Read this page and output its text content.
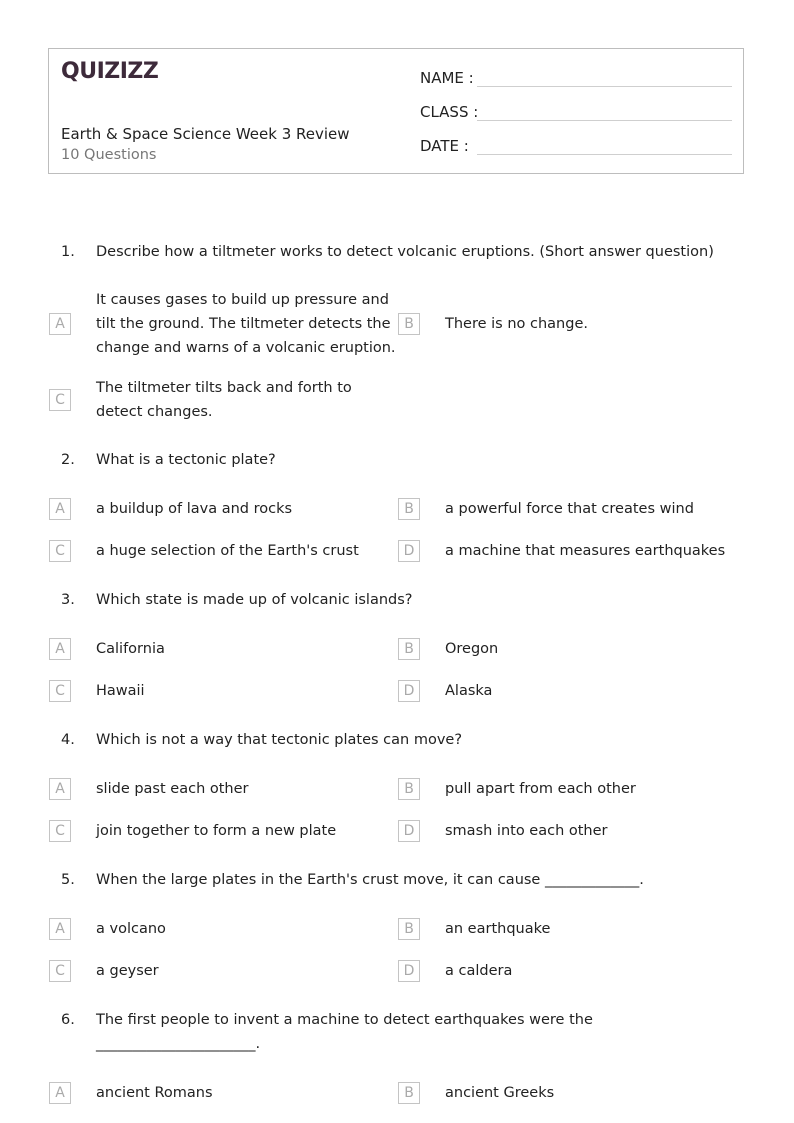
QUIZIZZ
Earth & Space Science Week 3 Review
10 Questions
NAME :
CLASS :
DATE :
1. Describe how a tiltmeter works to detect volcanic eruptions. (Short answer question)
A
It causes gases to build up pressure and tilt the ground. The tiltmeter detects the change and warns of a volcanic eruption.
B	There is no change.
C
The tiltmeter tilts back and forth to detect changes.
2. What is a tectonic plate?
A	a buildup of lava and rocks	B	a powerful force that creates wind
C	a huge selection of the Earth's crust	D	a machine that measures earthquakes
3. Which state is made up of volcanic islands?
A	California	B	Oregon
C	Hawaii	D	Alaska
4. Which is not a way that tectonic plates can move?
A	slide past each other	B	pull apart from each other
C	join together to form a new plate	D	smash into each other
5. When the large plates in the Earth's crust move, it can cause _____________.
A	a volcano	B	an earthquake
C	a geyser	D	a caldera
6. The first people to invent a machine to detect earthquakes were the ______________________.
A	ancient Romans	B	ancient Greeks
